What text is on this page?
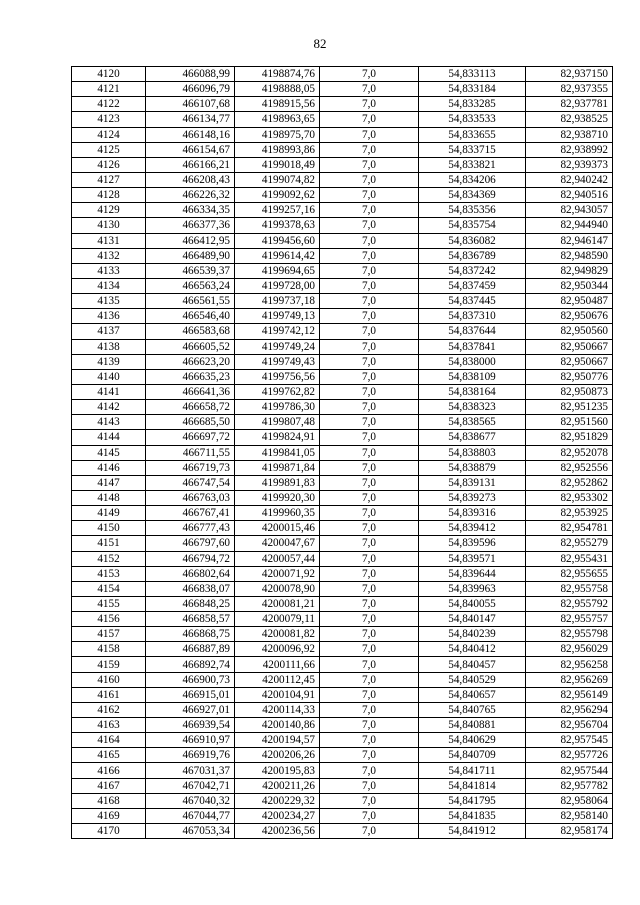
82
4120	466088,99	4198874,76	7,0	54,833113	82,937150
4121	466096,79	4198888,05	7,0	54,833184	82,937355
4122	466107,68	4198915,56	7,0	54,833285	82,937781
4123	466134,77	4198963,65	7,0	54,833533	82,938525
4124	466148,16	4198975,70	7,0	54,833655	82,938710
4125	466154,67	4198993,86	7,0	54,833715	82,938992
4126	466166,21	4199018,49	7,0	54,833821	82,939373
4127	466208,43	4199074,82	7,0	54,834206	82,940242
4128	466226,32	4199092,62	7,0	54,834369	82,940516
4129	466334,35	4199257,16	7,0	54,835356	82,943057
4130	466377,36	4199378,63	7,0	54,835754	82,944940
4131	466412,95	4199456,60	7,0	54,836082	82,946147
4132	466489,90	4199614,42	7,0	54,836789	82,948590
4133	466539,37	4199694,65	7,0	54,837242	82,949829
4134	466563,24	4199728,00	7,0	54,837459	82,950344
4135	466561,55	4199737,18	7,0	54,837445	82,950487
4136	466546,40	4199749,13	7,0	54,837310	82,950676
4137	466583,68	4199742,12	7,0	54,837644	82,950560
4138	466605,52	4199749,24	7,0	54,837841	82,950667
4139	466623,20	4199749,43	7,0	54,838000	82,950667
4140	466635,23	4199756,56	7,0	54,838109	82,950776
4141	466641,36	4199762,82	7,0	54,838164	82,950873
4142	466658,72	4199786,30	7,0	54,838323	82,951235
4143	466685,50	4199807,48	7,0	54,838565	82,951560
4144	466697,72	4199824,91	7,0	54,838677	82,951829
4145	466711,55	4199841,05	7,0	54,838803	82,952078
4146	466719,73	4199871,84	7,0	54,838879	82,952556
4147	466747,54	4199891,83	7,0	54,839131	82,952862
4148	466763,03	4199920,30	7,0	54,839273	82,953302
4149	466767,41	4199960,35	7,0	54,839316	82,953925
4150	466777,43	4200015,46	7,0	54,839412	82,954781
4151	466797,60	4200047,67	7,0	54,839596	82,955279
4152	466794,72	4200057,44	7,0	54,839571	82,955431
4153	466802,64	4200071,92	7,0	54,839644	82,955655
4154	466838,07	4200078,90	7,0	54,839963	82,955758
4155	466848,25	4200081,21	7,0	54,840055	82,955792
4156	466858,57	4200079,11	7,0	54,840147	82,955757
4157	466868,75	4200081,82	7,0	54,840239	82,955798
4158	466887,89	4200096,92	7,0	54,840412	82,956029
4159	466892,74	4200111,66	7,0	54,840457	82,956258
4160	466900,73	4200112,45	7,0	54,840529	82,956269
4161	466915,01	4200104,91	7,0	54,840657	82,956149
4162	466927,01	4200114,33	7,0	54,840765	82,956294
4163	466939,54	4200140,86	7,0	54,840881	82,956704
4164	466910,97	4200194,57	7,0	54,840629	82,957545
4165	466919,76	4200206,26	7,0	54,840709	82,957726
4166	467031,37	4200195,83	7,0	54,841711	82,957544
4167	467042,71	4200211,26	7,0	54,841814	82,957782
4168	467040,32	4200229,32	7,0	54,841795	82,958064
4169	467044,77	4200234,27	7,0	54,841835	82,958140
4170	467053,34	4200236,56	7,0	54,841912	82,958174
